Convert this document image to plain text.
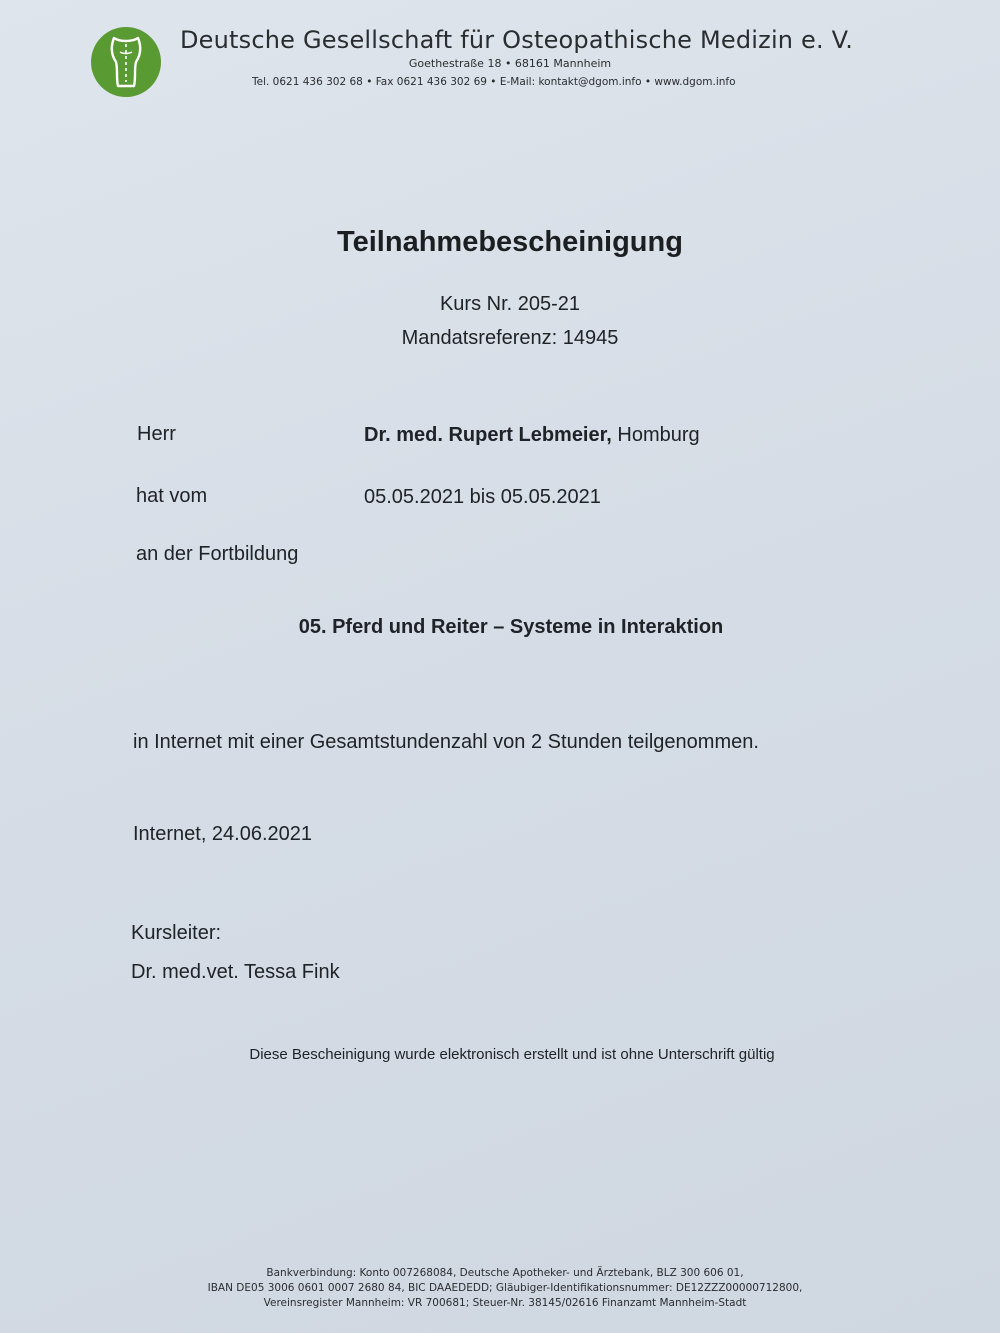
Deutsche Gesellschaft für Osteopathische Medizin e. V.
Goethestraße 18 • 68161 Mannheim
Tel. 0621 436 302 68 • Fax 0621 436 302 69 • E-Mail: kontakt@dgom.info • www.dgom.info
Teilnahmebescheinigung
Kurs Nr. 205-21
Mandatsreferenz: 14945
Herr	Dr. med. Rupert Lebmeier, Homburg
hat vom	05.05.2021 bis 05.05.2021
an der Fortbildung
05. Pferd und Reiter – Systeme in Interaktion
in Internet mit einer Gesamtstundenzahl von 2 Stunden teilgenommen.
Internet, 24.06.2021
Kursleiter:
Dr. med.vet. Tessa Fink
Diese Bescheinigung wurde elektronisch erstellt und ist ohne Unterschrift gültig
Bankverbindung: Konto 007268084, Deutsche Apotheker- und Ärztebank, BLZ 300 606 01,
IBAN DE05 3006 0601 0007 2680 84, BIC DAAEDEDD; Gläubiger-Identifikationsnummer: DE12ZZZ00000712800,
Vereinsregister Mannheim: VR 700681; Steuer-Nr. 38145/02616 Finanzamt Mannheim-Stadt
